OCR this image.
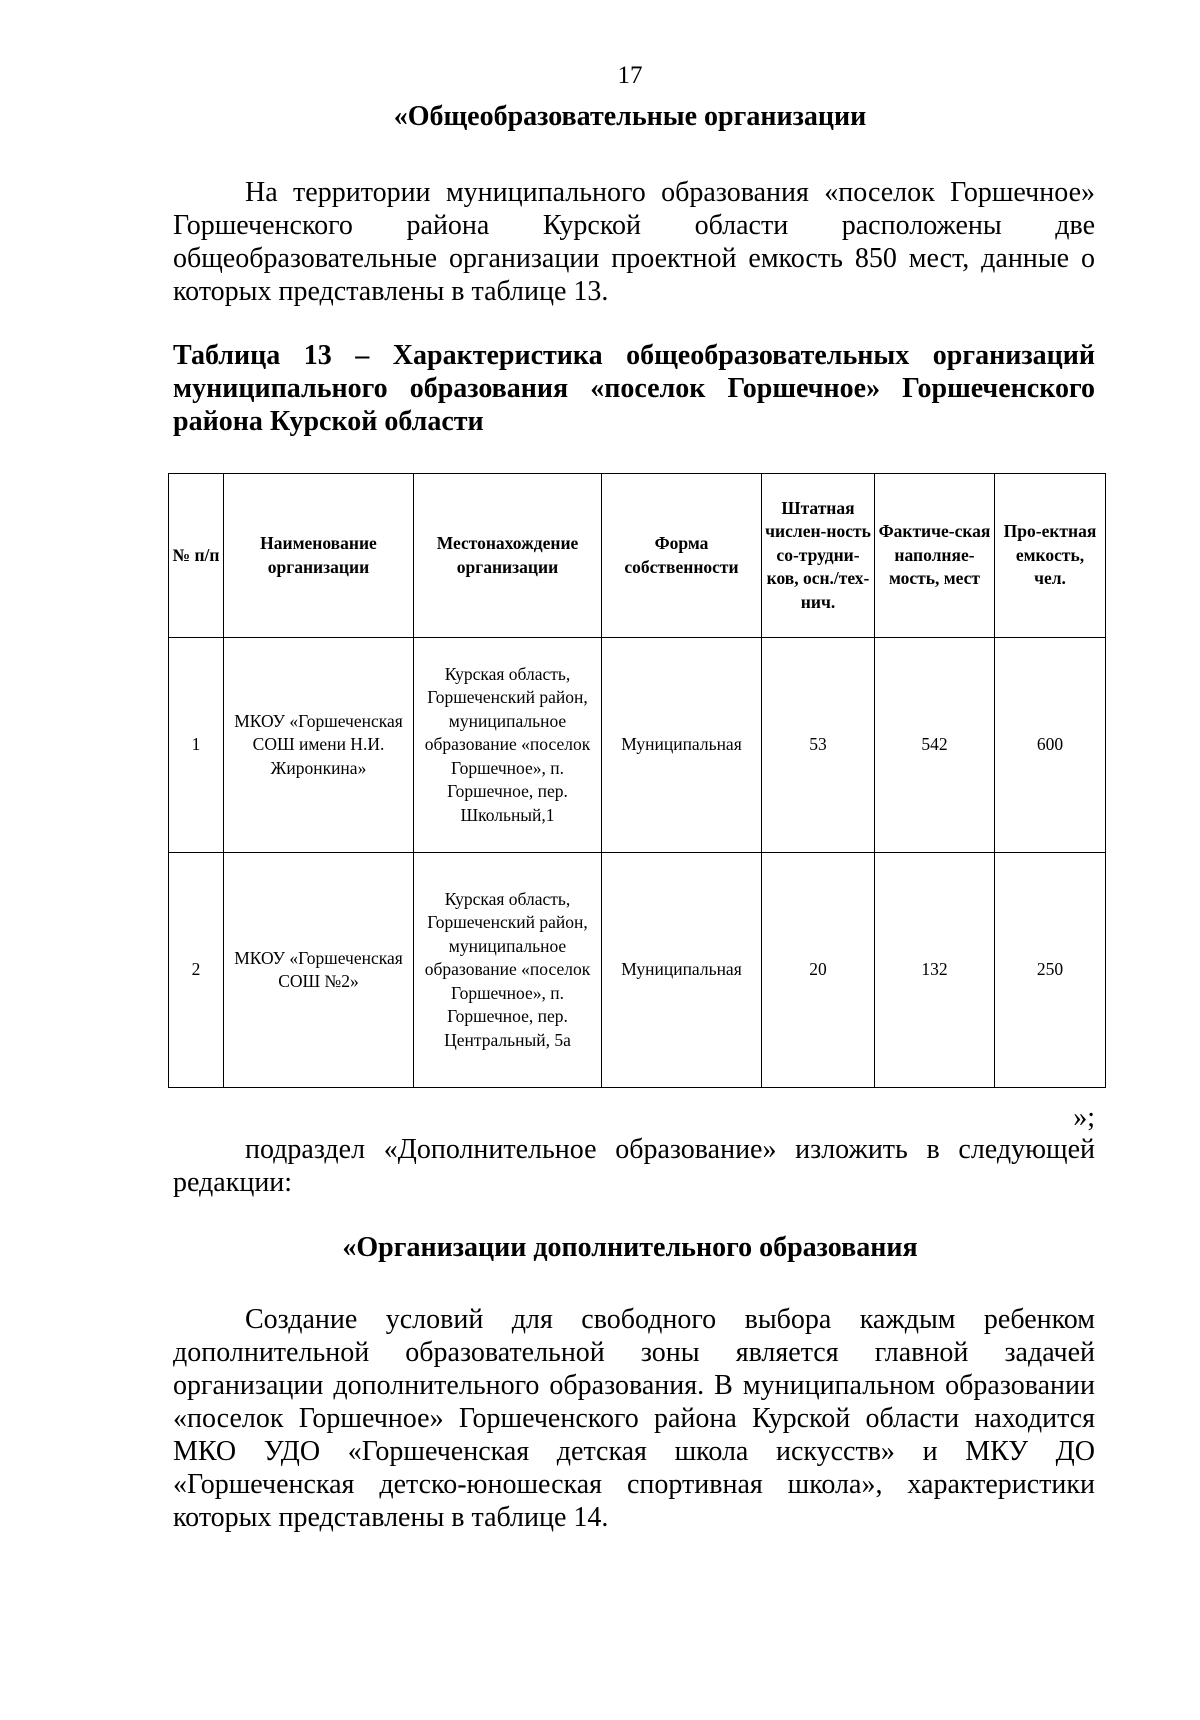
17
«Общеобразовательные организации

На территории муниципального образования «поселок Горшечное» Горшеченского района Курской области расположены две общеобразовательные организации проектной емкость 850 мест, данные о которых представлены в таблице 13.

Таблица 13 – Характеристика общеобразовательных организаций муниципального образования «поселок Горшечное» Горшеченского района Курской области

№ п/п	Наименование организации	Местонахождение организации	Форма собственности	Штатная числен-ность со-трудни-ков, осн./тех-нич.	Фактиче-ская наполняе-мость, мест	Про-ектная емкость, чел.
1	МКОУ «Горшеченская СОШ имени Н.И. Жиронкина»	Курская область, Горшеченский район, муниципальное образование «поселок Горшечное», п. Горшечное, пер. Школьный,1	Муниципальная	53	542	600
2	МКОУ «Горшеченская СОШ №2»	Курская область, Горшеченский район, муниципальное образование «поселок Горшечное», п. Горшечное, пер. Центральный, 5а	Муниципальная	20	132	250
»;

подраздел «Дополнительное образование» изложить в следующей редакции:

«Организации дополнительного образования

Создание условий для свободного выбора каждым ребенком дополнительной образовательной зоны является главной задачей организации дополнительного образования. В муниципальном образовании «поселок Горшечное» Горшеченского района Курской области находится МКО УДО «Горшеченская детская школа искусств» и МКУ ДО «Горшеченская детско-юношеская спортивная школа», характеристики которых представлены в таблице 14.
